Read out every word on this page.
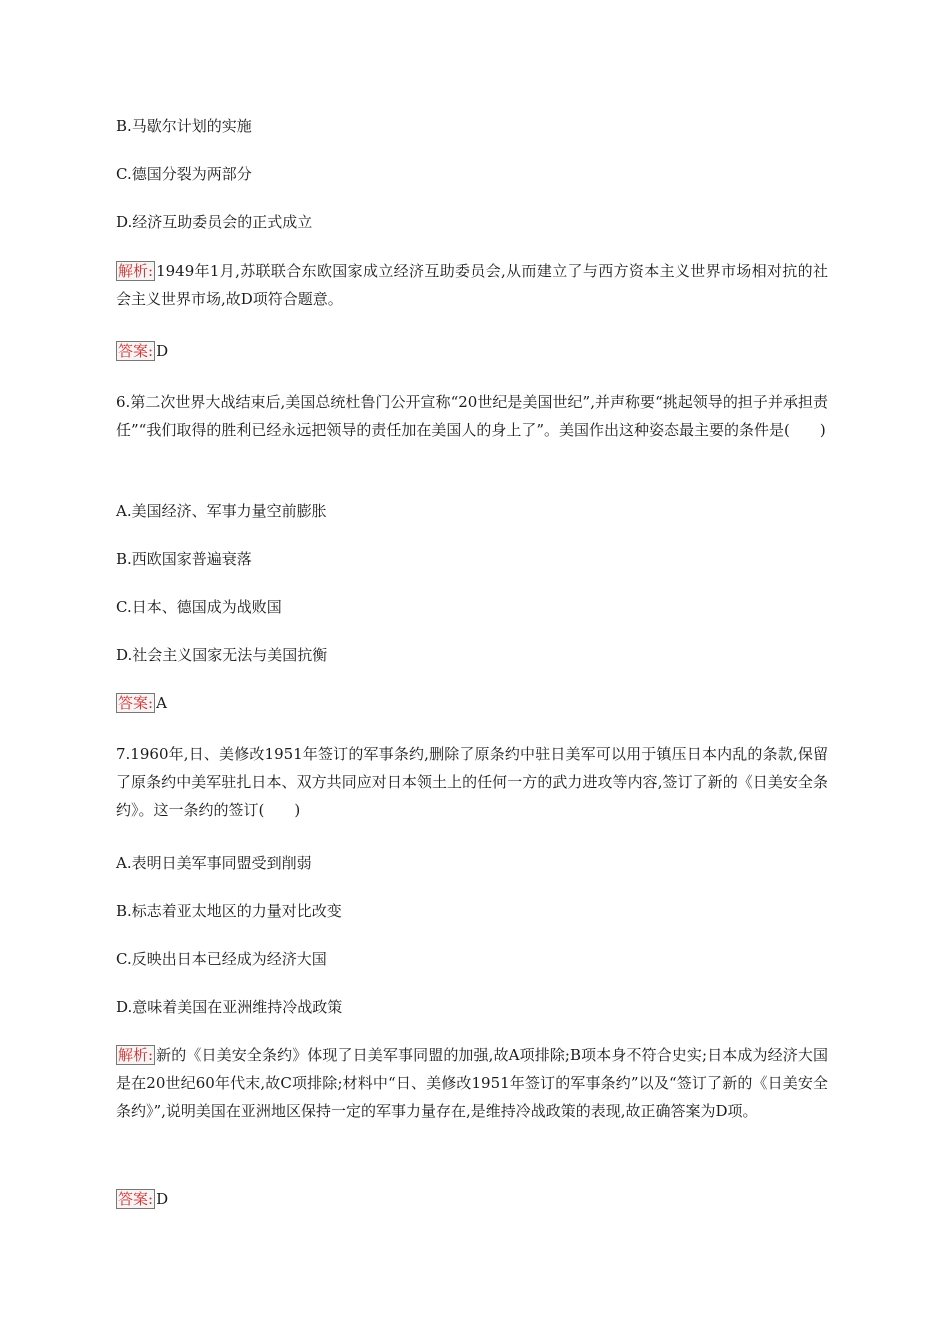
B.马歇尔计划的实施
C.德国分裂为两部分
D.经济互助委员会的正式成立
解析: 1949年1月,苏联联合东欧国家成立经济互助委员会,从而建立了与西方资本主义世界市场相对抗的社会主义世界市场,故D项符合题意。
答案: D
6.第二次世界大战结束后,美国总统杜鲁门公开宣称“20世纪是美国世纪”,并声称要“挑起领导的担子并承担责任”“我们取得的胜利已经永远把领导的责任加在美国人的身上了”。美国作出这种姿态最主要的条件是(　　)
A.美国经济、军事力量空前膨胀
B.西欧国家普遍衰落
C.日本、德国成为战败国
D.社会主义国家无法与美国抗衡
答案: A
7.1960年,日、美修改1951年签订的军事条约,删除了原条约中驻日美军可以用于镇压日本内乱的条款,保留了原条约中美军驻扎日本、双方共同应对日本领土上的任何一方的武力进攻等内容,签订了新的《日美安全条约》。这一条约的签订(　　)
A.表明日美军事同盟受到削弱
B.标志着亚太地区的力量对比改变
C.反映出日本已经成为经济大国
D.意味着美国在亚洲维持冷战政策
解析: 新的《日美安全条约》体现了日美军事同盟的加强,故A项排除;B项本身不符合史实;日本成为经济大国是在20世纪60年代末,故C项排除;材料中“日、美修改1951年签订的军事条约”以及“签订了新的《日美安全条约》”,说明美国在亚洲地区保持一定的军事力量存在,是维持冷战政策的表现,故正确答案为D项。
答案: D
